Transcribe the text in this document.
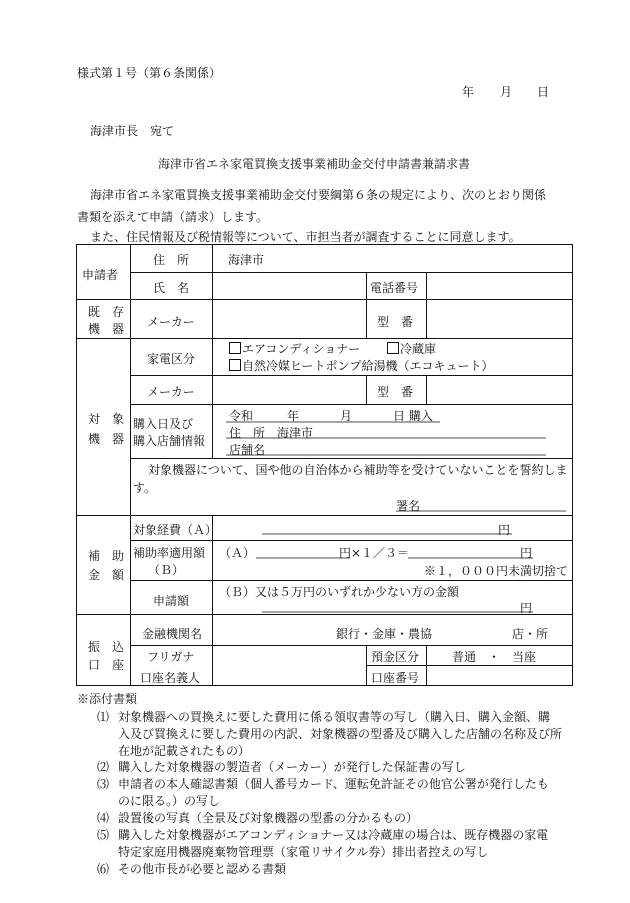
様式第１号（第６条関係）
年 月 日
海津市長　宛て
海津市省エネ家電買換支援事業補助金交付申請書兼請求書
海津市省エネ家電買換支援事業補助金交付要綱第６条の規定により、次のとおり関係
書類を添えて申請（請求）します。
また、住民情報及び税情報等について、市担当者が調査することに同意します。
申請者
住　所	海津市
氏　名	電話番号
既　存
機　器 メーカー	型　番
対　象
機　器
家電区分
エアコンディショナー	冷蔵庫
自然冷媒ヒートポンプ給湯機（エコキュート）
メーカー	型　番
購入日及び
購入店舗情報
令和	年	月	日 購入
住　所 海津市
店舗名
対象機器について、国や他の自治体から補助等を受けていないことを誓約しま
す。
署名
補　助
金　額
対象経費（Ａ）	円
補助率適用額
（Ｂ）
（Ａ）	円×１／３＝	円
※１，０００円未満切捨て
申請額
（Ｂ）又は５万円のいずれか少ない方の金額
円
振　込
口　座
金融機関名	銀行・金庫・農協	店・所
フリガナ	預金区分	普通　・　当座
口座名義人	口座番号
※添付書類
⑴ 対象機器への買換えに要した費用に係る領収書等の写し（購入日、購入金額、購
入及び買換えに要した費用の内訳、対象機器の型番及び購入した店舗の名称及び所
在地が記載されたもの）
⑵ 購入した対象機器の製造者（メーカー）が発行した保証書の写し
⑶ 申請者の本人確認書類（個人番号カード、運転免許証その他官公署が発行したも
のに限る。）の写し
⑷ 設置後の写真（全景及び対象機器の型番の分かるもの）
⑸ 購入した対象機器がエアコンディショナー又は冷蔵庫の場合は、既存機器の家電
特定家庭用機器廃棄物管理票（家電リサイクル券）排出者控えの写し
⑹ その他市長が必要と認める書類
